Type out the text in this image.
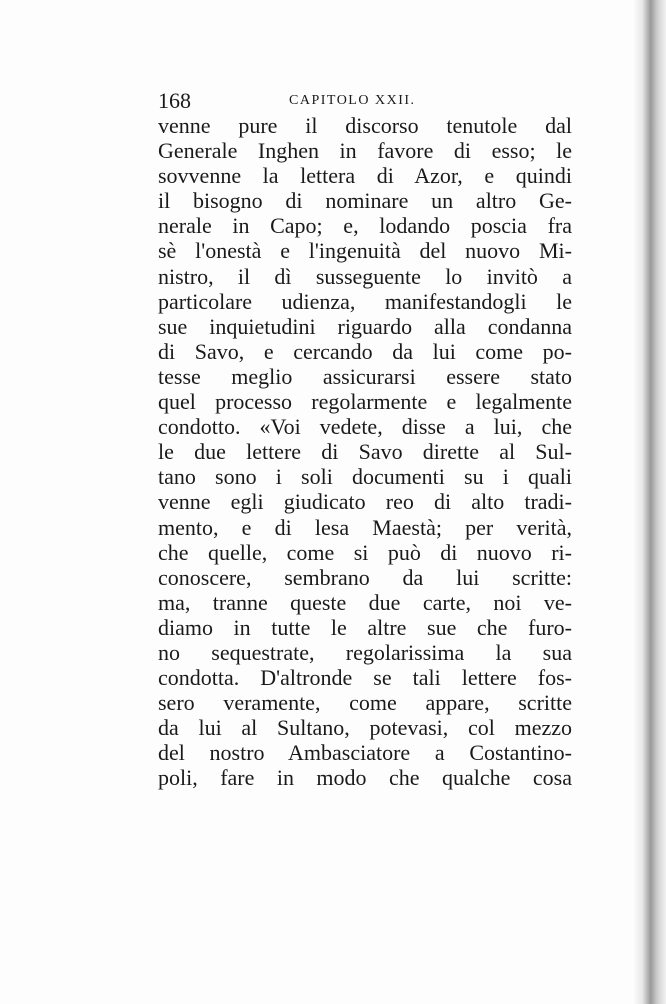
168	CAPITOLO XXII.
venne pure il discorso tenutole dal
Generale Inghen in favore di esso; le
sovvenne la lettera di Azor, e quindi
il bisogno di nominare un altro Ge-
nerale in Capo; e, lodando poscia fra
sè l'onestà e l'ingenuità del nuovo Mi-
nistro, il dì susseguente lo invitò a
particolare udienza, manifestandogli le
sue inquietudini riguardo alla condanna
di Savo, e cercando da lui come po-
tesse meglio assicurarsi essere stato
quel processo regolarmente e legalmente
condotto. «Voi vedete, disse a lui, che
le due lettere di Savo dirette al Sul-
tano sono i soli documenti su i quali
venne egli giudicato reo di alto tradi-
mento, e di lesa Maestà; per verità,
che quelle, come si può di nuovo ri-
conoscere, sembrano da lui scritte:
ma, tranne queste due carte, noi ve-
diamo in tutte le altre sue che furo-
no sequestrate, regolarissima la sua
condotta. D'altronde se tali lettere fos-
sero veramente, come appare, scritte
da lui al Sultano, potevasi, col mezzo
del nostro Ambasciatore a Costantino-
poli, fare in modo che qualche cosa
